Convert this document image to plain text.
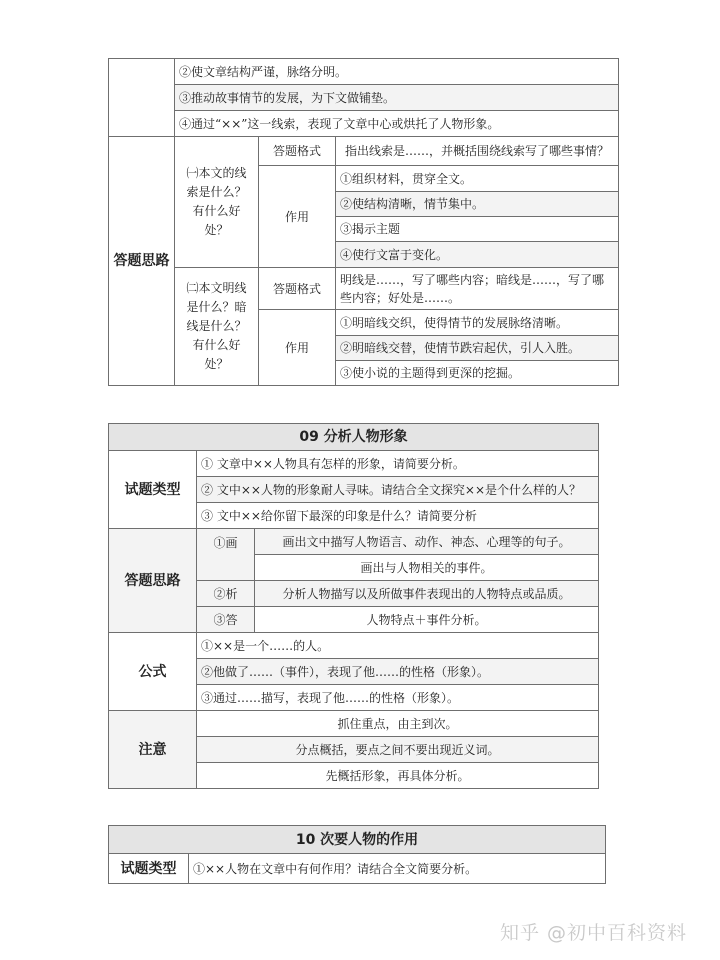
	②使文章结构严谨，脉络分明。		
	③推动故事情节的发展，为下文做铺垫。		
	④通过“××”这一线索，表现了文章中心或烘托了人物形象。		
答题思路	㈠本文的线索是什么？有什么好处？	答题格式	指出线索是……，并概括围绕线索写了哪些事情？
		作用	①组织材料，贯穿全文。
			②使结构清晰，情节集中。
			③揭示主题
			④使行文富于变化。
	㈡本文明线是什么？暗线是什么？有什么好处？	答题格式	明线是……，写了哪些内容；暗线是……，写了哪些内容；好处是……。
		作用	①明暗线交织，使得情节的发展脉络清晰。
			②明暗线交替，使情节跌宕起伏，引人入胜。
			③使小说的主题得到更深的挖掘。
09 分析人物形象		
试题类型	① 文章中××人物具有怎样的形象，请简要分析。	
	② 文中××人物的形象耐人寻味。请结合全文探究××是个什么样的人？	
	③ 文中××给你留下最深的印象是什么？请简要分析	
答题思路	①画	画出文中描写人物语言、动作、神态、心理等的句子。
		画出与人物相关的事件。
	②析	分析人物描写以及所做事件表现出的人物特点或品质。
	③答	人物特点＋事件分析。
公式	①××是一个……的人。	
	②他做了……（事件），表现了他……的性格（形象）。	
	③通过……描写，表现了他……的性格（形象）。	
注意	抓住重点，由主到次。	
	分点概括，要点之间不要出现近义词。	
	先概括形象，再具体分析。	
10 次要人物的作用
试题类型	①××人物在文章中有何作用？请结合全文简要分析。
知乎 @初中百科资料
